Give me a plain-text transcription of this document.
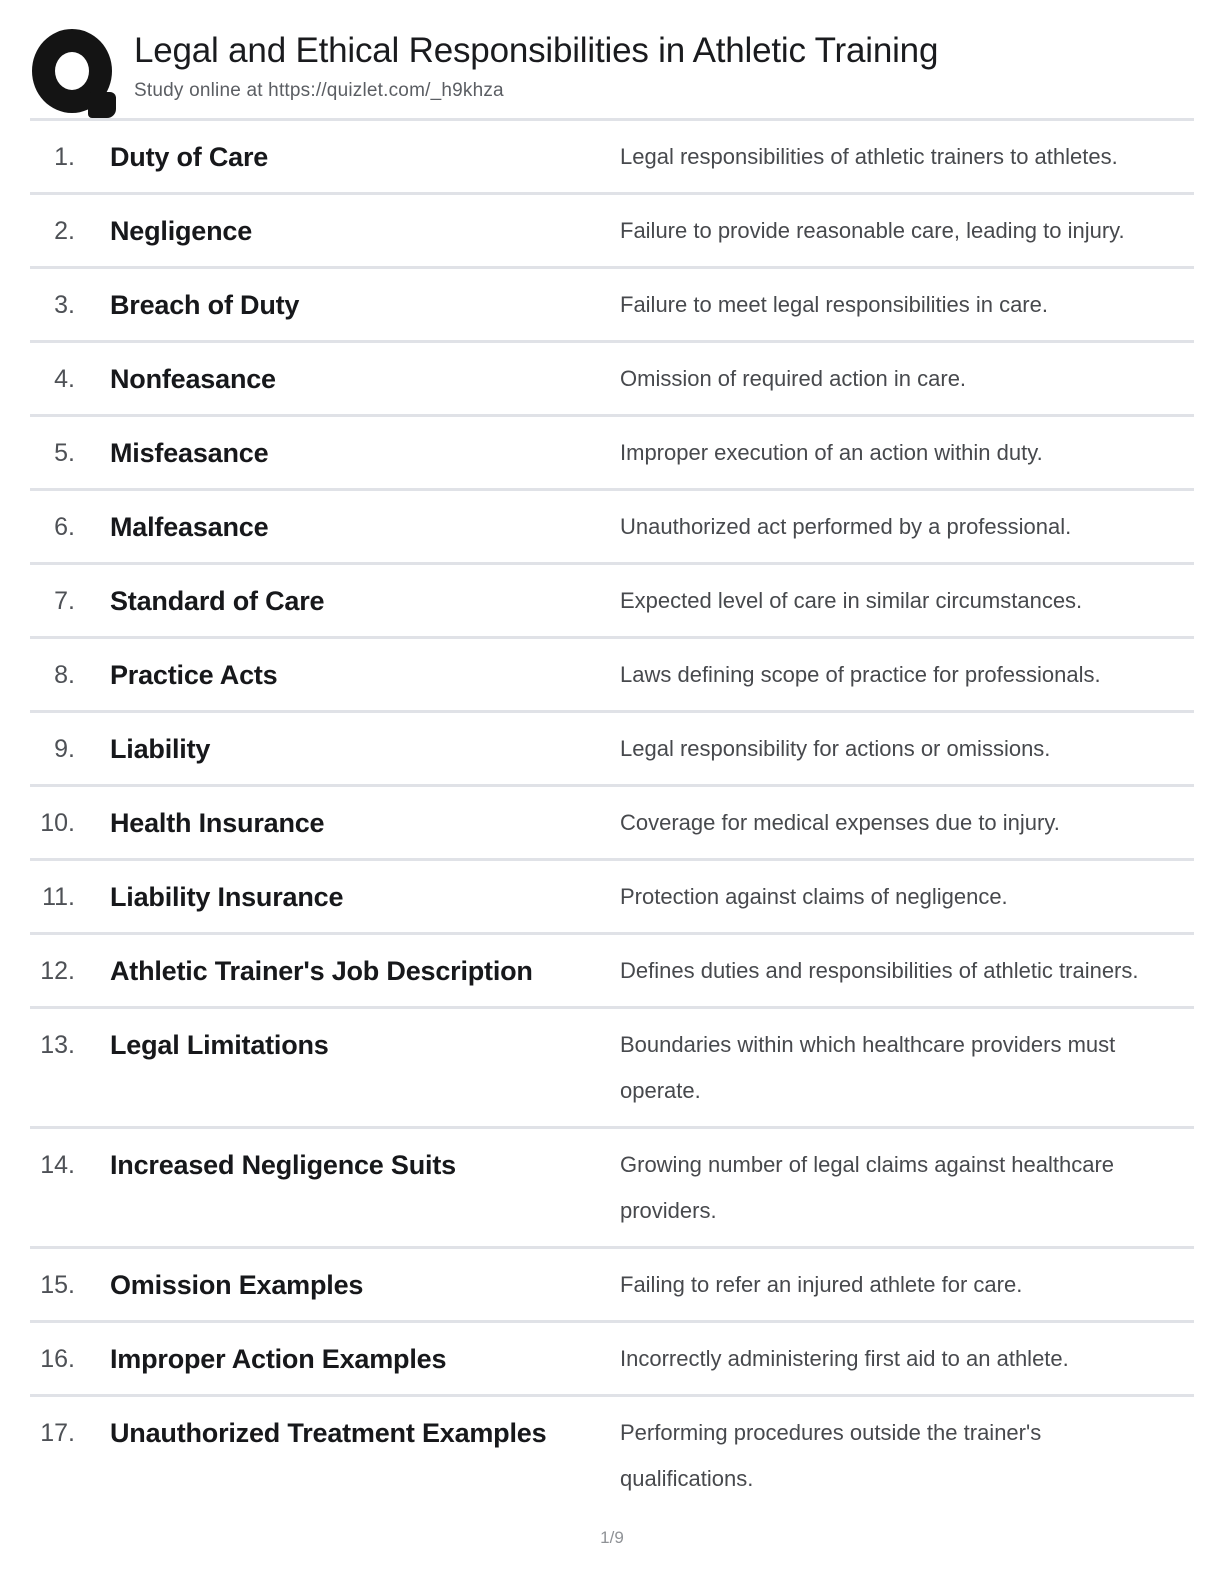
Legal and Ethical Responsibilities in Athletic Training
Study online at https://quizlet.com/_h9khza
1. Duty of Care	Legal responsibilities of athletic trainers to athletes.
2. Negligence	Failure to provide reasonable care, leading to injury.
3. Breach of Duty	Failure to meet legal responsibilities in care.
4. Nonfeasance	Omission of required action in care.
5. Misfeasance	Improper execution of an action within duty.
6. Malfeasance	Unauthorized act performed by a professional.
7. Standard of Care	Expected level of care in similar circumstances.
8. Practice Acts	Laws defining scope of practice for professionals.
9. Liability	Legal responsibility for actions or omissions.
10. Health Insurance	Coverage for medical expenses due to injury.
11. Liability Insurance	Protection against claims of negligence.
12. Athletic Trainer's Job Description	Defines duties and responsibilities of athletic trainers.
13. Legal Limitations	Boundaries within which healthcare providers must operate.
14. Increased Negligence Suits	Growing number of legal claims against healthcare providers.
15. Omission Examples	Failing to refer an injured athlete for care.
16. Improper Action Examples	Incorrectly administering first aid to an athlete.
17. Unauthorized Treatment Examples	Performing procedures outside the trainer's qualifications.
1/9
